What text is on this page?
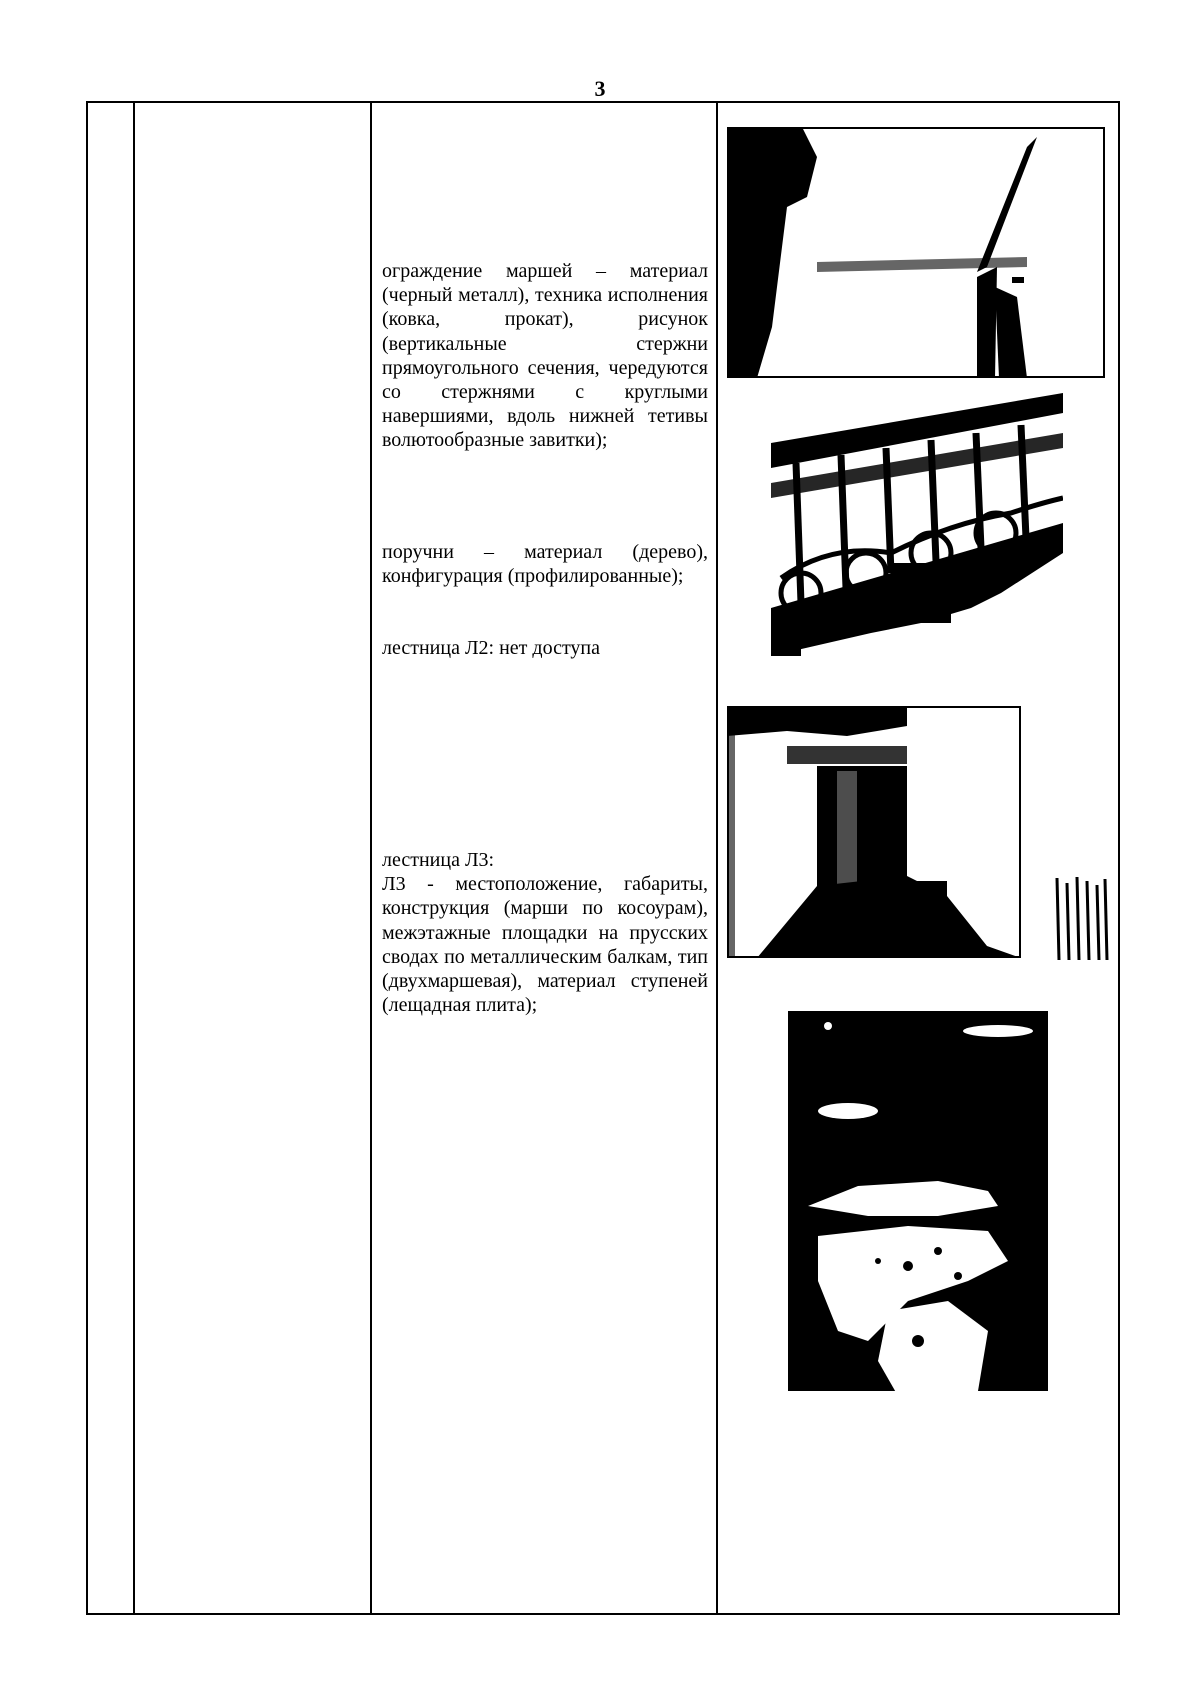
3
ограждение маршей – материал (черный металл), техника исполнения (ковка, прокат), рисунок (вертикальные стержни прямоугольного сечения, чередуются со стержнями с круглыми навершиями, вдоль нижней тетивы волютообразные завитки);
поручни – материал (дерево), конфигурация (профилированные);
лестница Л2: нет доступа
лестница Л3:
Л3 - местоположение, габариты, конструкция (марши по косоурам), межэтажные площадки на прусских сводах по металлическим балкам, тип (двухмаршевая), материал ступеней (лещадная плита);
